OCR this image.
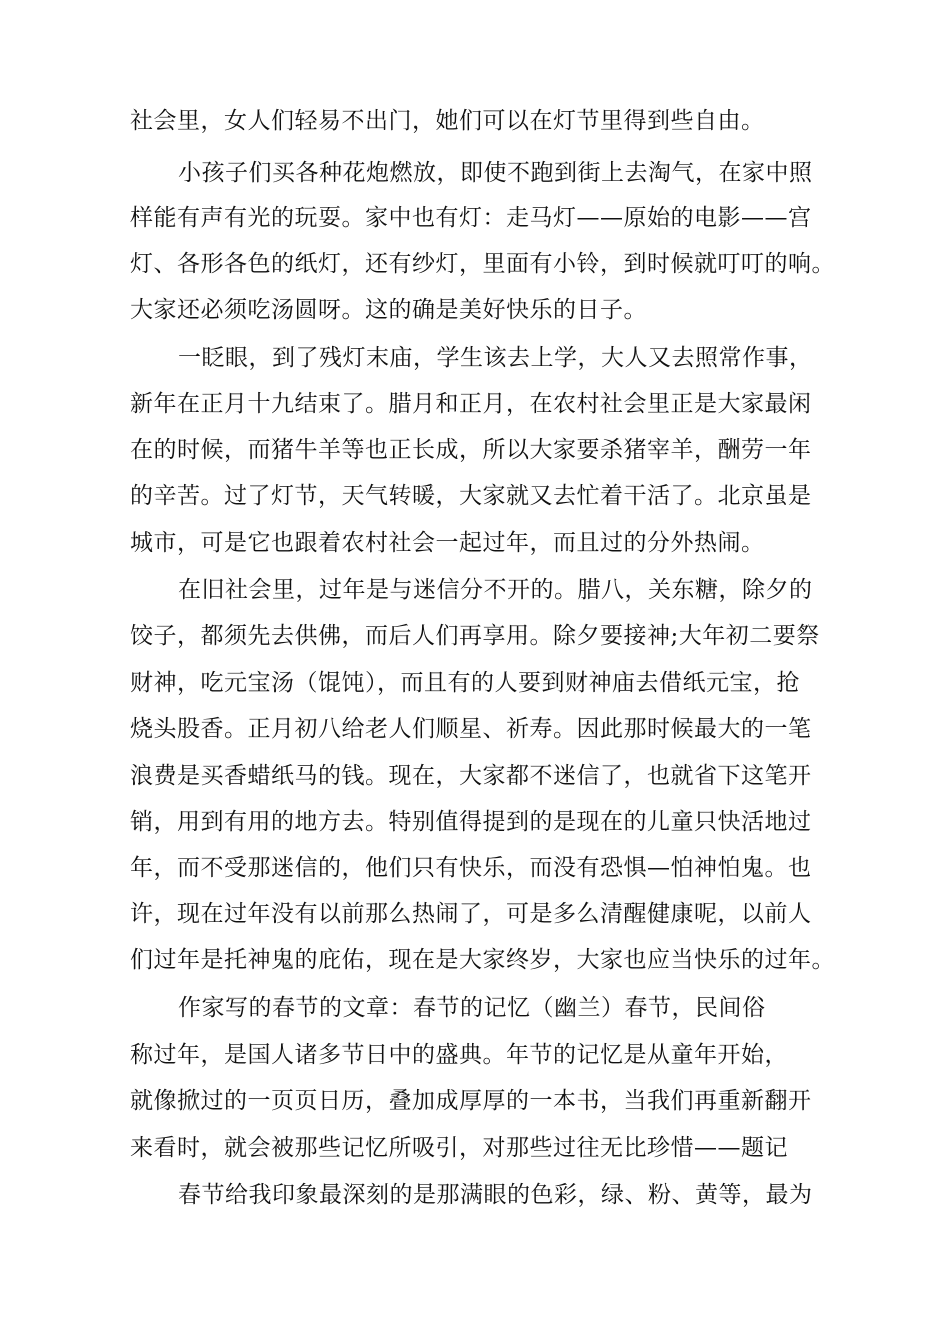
社会里，女人们轻易不出门，她们可以在灯节里得到些自由。

小孩子们买各种花炮燃放，即使不跑到街上去淘气，在家中照

样能有声有光的玩耍。家中也有灯：走马灯——原始的电影——宫

灯、各形各色的纸灯，还有纱灯，里面有小铃，到时候就叮叮的响。

大家还必须吃汤圆呀。这的确是美好快乐的日子。

一眨眼，到了残灯末庙，学生该去上学，大人又去照常作事，

新年在正月十九结束了。腊月和正月，在农村社会里正是大家最闲

在的时候，而猪牛羊等也正长成，所以大家要杀猪宰羊，酬劳一年

的辛苦。过了灯节，天气转暖，大家就又去忙着干活了。北京虽是

城市，可是它也跟着农村社会一起过年，而且过的分外热闹。

在旧社会里，过年是与迷信分不开的。腊八，关东糖，除夕的

饺子，都须先去供佛，而后人们再享用。除夕要接神;大年初二要祭

财神，吃元宝汤（馄饨），而且有的人要到财神庙去借纸元宝，抢

烧头股香。正月初八给老人们顺星、祈寿。因此那时候最大的一笔

浪费是买香蜡纸马的钱。现在，大家都不迷信了，也就省下这笔开

销，用到有用的地方去。特别值得提到的是现在的儿童只快活地过

年，而不受那迷信的，他们只有快乐，而没有恐惧—怕神怕鬼。也

许，现在过年没有以前那么热闹了，可是多么清醒健康呢，以前人

们过年是托神鬼的庇佑，现在是大家终岁，大家也应当快乐的过年。

作家写的春节的文章：春节的记忆（幽兰）春节，民间俗

称过年，是国人诸多节日中的盛典。年节的记忆是从童年开始，

就像掀过的一页页日历，叠加成厚厚的一本书，当我们再重新翻开

来看时，就会被那些记忆所吸引，对那些过往无比珍惜——题记

春节给我印象最深刻的是那满眼的色彩，绿、粉、黄等，最为
